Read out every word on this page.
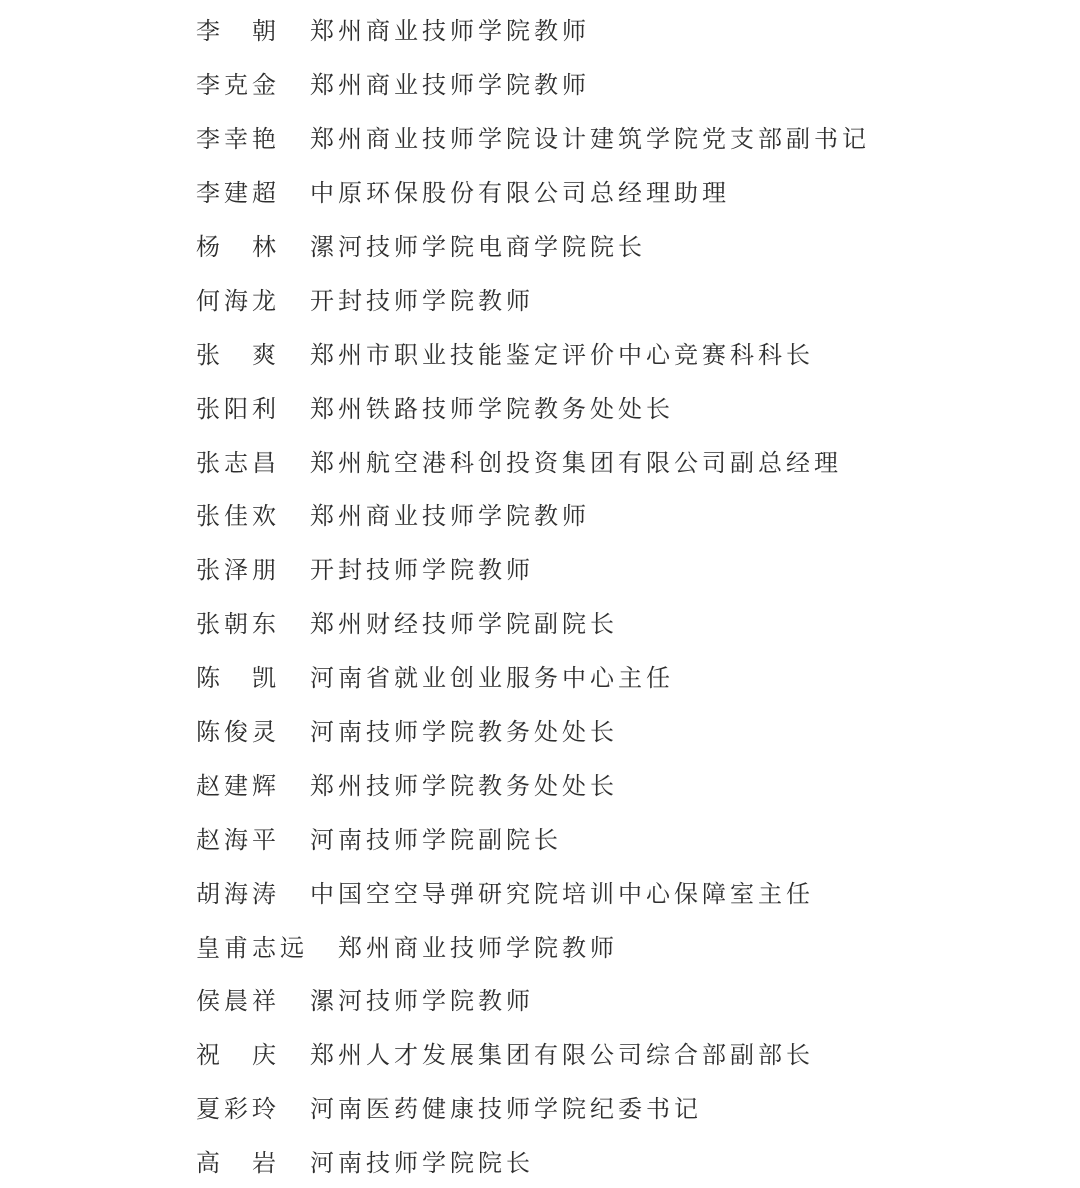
李　朝 郑州商业技师学院教师
李克金 郑州商业技师学院教师
李幸艳 郑州商业技师学院设计建筑学院党支部副书记
李建超 中原环保股份有限公司总经理助理
杨　林 漯河技师学院电商学院院长
何海龙 开封技师学院教师
张　爽 郑州市职业技能鉴定评价中心竞赛科科长
张阳利 郑州铁路技师学院教务处处长
张志昌 郑州航空港科创投资集团有限公司副总经理
张佳欢 郑州商业技师学院教师
张泽朋 开封技师学院教师
张朝东 郑州财经技师学院副院长
陈　凯 河南省就业创业服务中心主任
陈俊灵 河南技师学院教务处处长
赵建辉 郑州技师学院教务处处长
赵海平 河南技师学院副院长
胡海涛 中国空空导弹研究院培训中心保障室主任
皇甫志远 郑州商业技师学院教师
侯晨祥 漯河技师学院教师
祝　庆 郑州人才发展集团有限公司综合部副部长
夏彩玲 河南医药健康技师学院纪委书记
高　岩 河南技师学院院长
